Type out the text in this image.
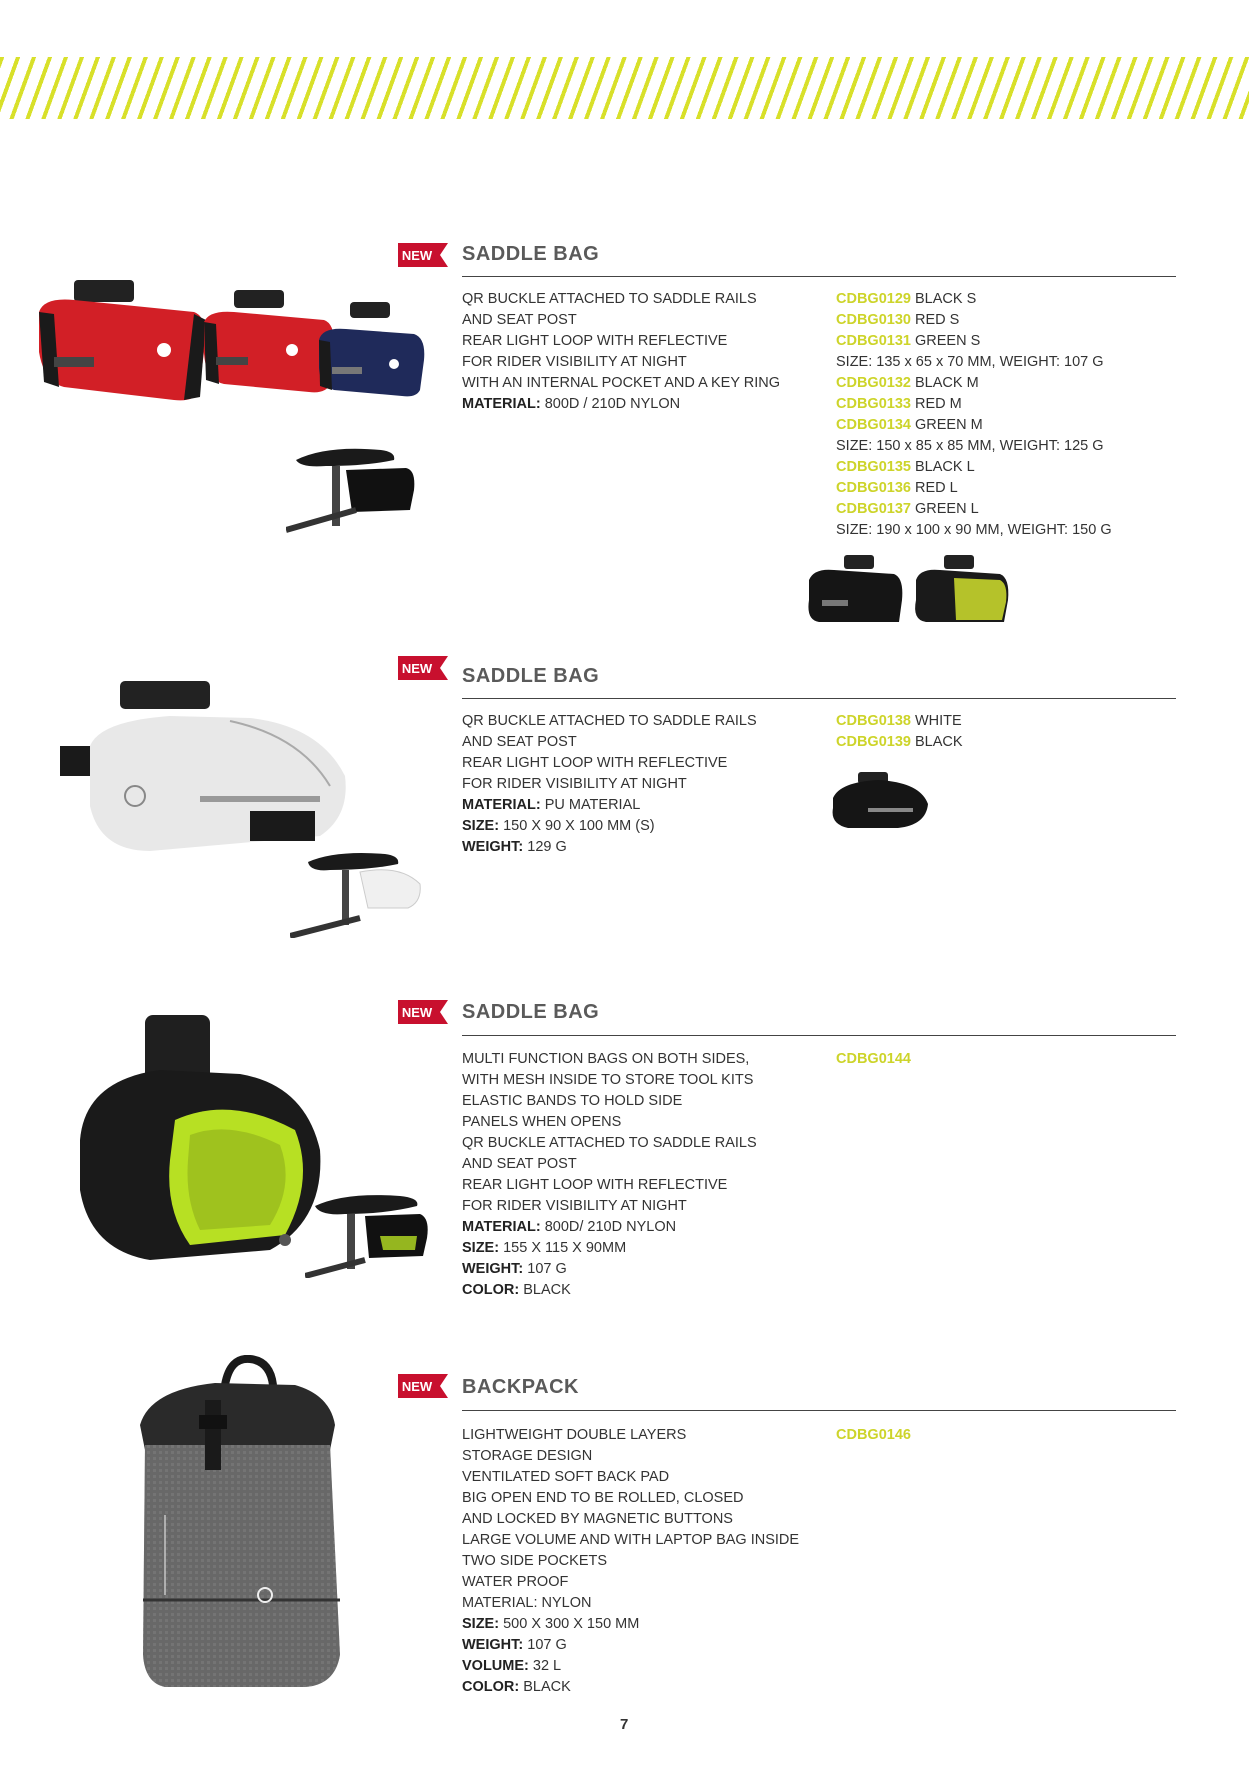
NEW SADDLE BAG
QR BUCKLE ATTACHED TO SADDLE RAILS
AND SEAT POST
REAR LIGHT LOOP WITH REFLECTIVE
FOR RIDER VISIBILITY AT NIGHT
WITH AN INTERNAL POCKET AND A KEY RING
MATERIAL: 800D / 210D NYLON
CDBG0129 BLACK S
CDBG0130 RED S
CDBG0131 GREEN S
SIZE: 135 x 65 x 70 MM, WEIGHT: 107 G
CDBG0132 BLACK M
CDBG0133 RED M
CDBG0134 GREEN M
SIZE: 150 x 85 x 85 MM, WEIGHT: 125 G
CDBG0135 BLACK L
CDBG0136 RED L
CDBG0137 GREEN L
SIZE: 190 x 100 x 90 MM, WEIGHT: 150 G
NEW SADDLE BAG
QR BUCKLE ATTACHED TO SADDLE RAILS
AND SEAT POST
REAR LIGHT LOOP WITH REFLECTIVE
FOR RIDER VISIBILITY AT NIGHT
MATERIAL: PU MATERIAL
SIZE: 150 X 90 X 100 MM (S)
WEIGHT: 129 G
CDBG0138 WHITE
CDBG0139 BLACK
NEW SADDLE BAG
MULTI FUNCTION BAGS ON BOTH SIDES,
WITH MESH INSIDE TO STORE TOOL KITS
ELASTIC BANDS TO HOLD SIDE
PANELS WHEN OPENS
QR BUCKLE ATTACHED TO SADDLE RAILS
AND SEAT POST
REAR LIGHT LOOP WITH REFLECTIVE
FOR RIDER VISIBILITY AT NIGHT
MATERIAL: 800D/ 210D NYLON
SIZE: 155 X 115 X 90MM
WEIGHT: 107 G
COLOR: BLACK
CDBG0144
NEW BACKPACK
LIGHTWEIGHT DOUBLE LAYERS
STORAGE DESIGN
VENTILATED SOFT BACK PAD
BIG OPEN END TO BE ROLLED, CLOSED
AND LOCKED BY MAGNETIC BUTTONS
LARGE VOLUME AND WITH LAPTOP BAG INSIDE
TWO SIDE POCKETS
WATER PROOF
MATERIAL: NYLON
SIZE: 500 X 300 X 150 MM
WEIGHT: 107 G
VOLUME: 32 L
COLOR: BLACK
CDBG0146
7
